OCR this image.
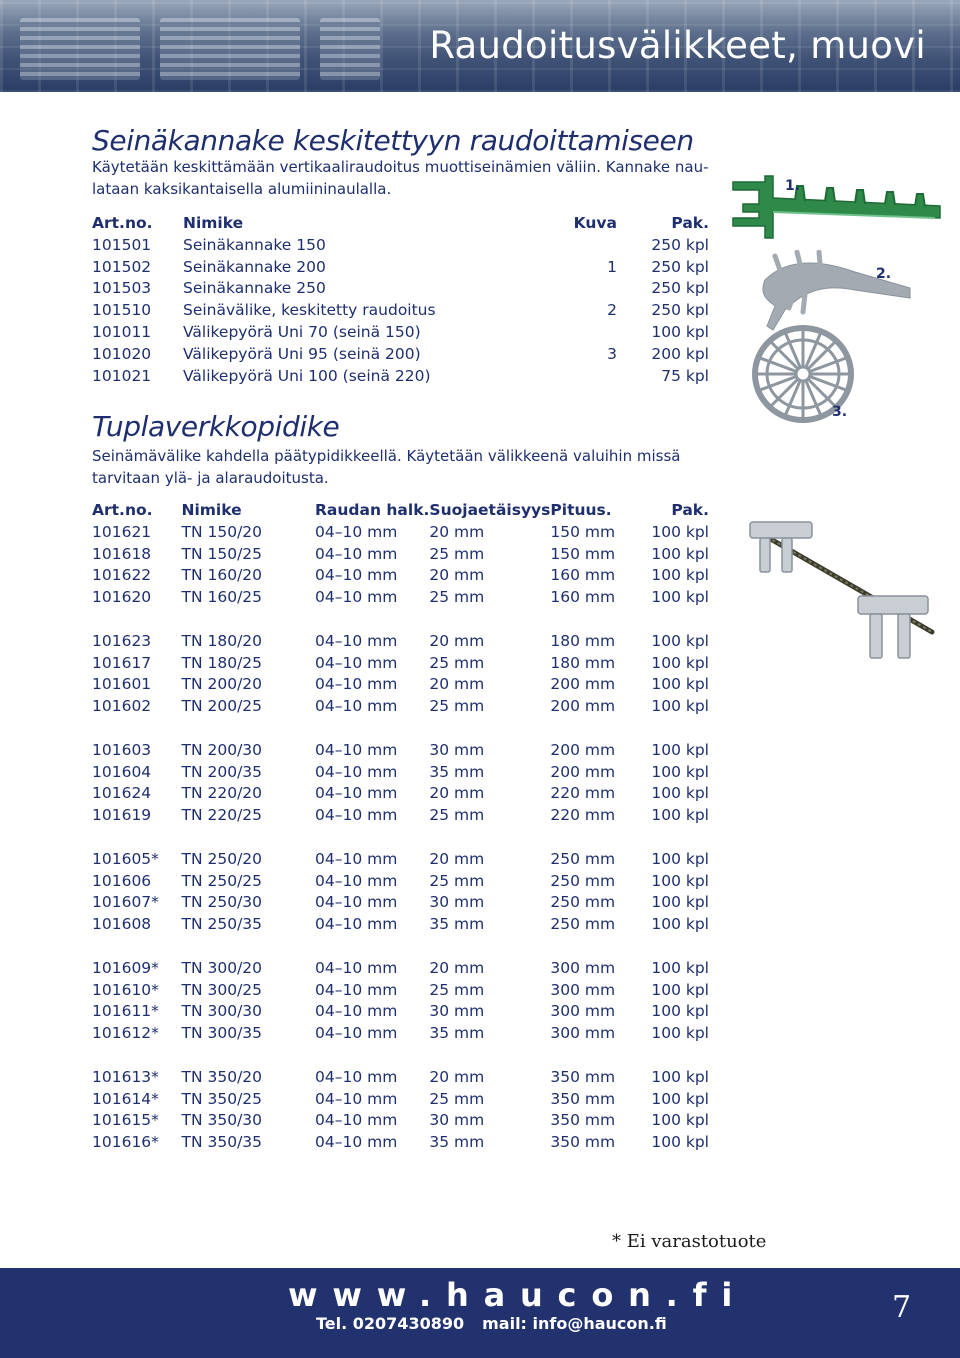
Raudoitusvälikkeet, muovi
Seinäkannake keskitettyyn raudoittamiseen
Käytetään keskittämään vertikaaliraudoitus muottiseinämien väliin. Kannake nau-
lataan kaksikantaisella alumiininaulalla.
Art.no.	Nimike	Kuva	Pak.
101501	Seinäkannake 150		250 kpl
101502	Seinäkannake 200	1	250 kpl
101503	Seinäkannake 250		250 kpl
101510	Seinävälike, keskitetty raudoitus	2	250 kpl
101011	Välikepyörä Uni 70 (seinä 150)		100 kpl
101020	Välikepyörä Uni 95 (seinä 200)	3	200 kpl
101021	Välikepyörä Uni 100 (seinä 220)		75 kpl
Tuplaverkkopidike
Seinämävälike kahdella päätypidikkeellä. Käytetään välikkeenä valuihin missä
tarvitaan ylä- ja alaraudoitusta.
Art.no.	Nimike	Raudan halk.	Suojaetäisyys	Pituus.	Pak.
101621	TN 150/20	04–10 mm	20 mm	150 mm	100 kpl
101618	TN 150/25	04–10 mm	25 mm	150 mm	100 kpl
101622	TN 160/20	04–10 mm	20 mm	160 mm	100 kpl
101620	TN 160/25	04–10 mm	25 mm	160 mm	100 kpl

101623	TN 180/20	04–10 mm	20 mm	180 mm	100 kpl
101617	TN 180/25	04–10 mm	25 mm	180 mm	100 kpl
101601	TN 200/20	04–10 mm	20 mm	200 mm	100 kpl
101602	TN 200/25	04–10 mm	25 mm	200 mm	100 kpl

101603	TN 200/30	04–10 mm	30 mm	200 mm	100 kpl
101604	TN 200/35	04–10 mm	35 mm	200 mm	100 kpl
101624	TN 220/20	04–10 mm	20 mm	220 mm	100 kpl
101619	TN 220/25	04–10 mm	25 mm	220 mm	100 kpl

101605*	TN 250/20	04–10 mm	20 mm	250 mm	100 kpl
101606	TN 250/25	04–10 mm	25 mm	250 mm	100 kpl
101607*	TN 250/30	04–10 mm	30 mm	250 mm	100 kpl
101608	TN 250/35	04–10 mm	35 mm	250 mm	100 kpl

101609*	TN 300/20	04–10 mm	20 mm	300 mm	100 kpl
101610*	TN 300/25	04–10 mm	25 mm	300 mm	100 kpl
101611*	TN 300/30	04–10 mm	30 mm	300 mm	100 kpl
101612*	TN 300/35	04–10 mm	35 mm	300 mm	100 kpl

101613*	TN 350/20	04–10 mm	20 mm	350 mm	100 kpl
101614*	TN 350/25	04–10 mm	25 mm	350 mm	100 kpl
101615*	TN 350/30	04–10 mm	30 mm	350 mm	100 kpl
101616*	TN 350/35	04–10 mm	35 mm	350 mm	100 kpl
1.
2.
3.
* Ei varastotuote
www.haucon.fi
Tel. 0207430890 mail: info@haucon.fi	7
